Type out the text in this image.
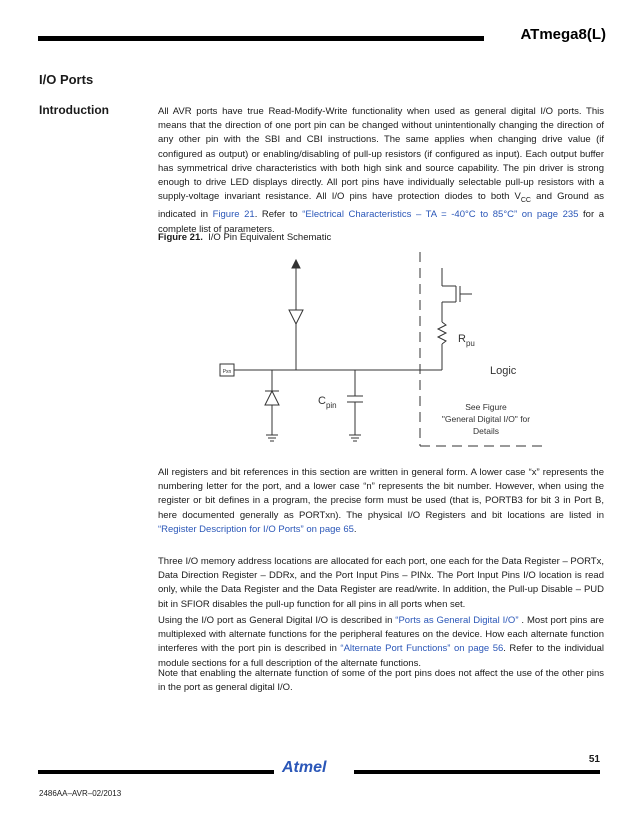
ATmega8(L)
I/O Ports
Introduction	All AVR ports have true Read-Modify-Write functionality when used as general digital I/O ports. This means that the direction of one port pin can be changed without unintentionally changing the direction of any other pin with the SBI and CBI instructions. The same applies when changing drive value (if configured as output) or enabling/disabling of pull-up resistors (if configured as input). Each output buffer has symmetrical drive characteristics with both high sink and source capability. The pin driver is strong enough to drive LED displays directly. All port pins have individually selectable pull-up resistors with a supply-voltage invariant resistance. All I/O pins have protection diodes to both $V_{CC}$ and Ground as indicated in Figure 21. Refer to “Electrical Characteristics – TA = -40°C to 85°C” on page 235 for a complete list of parameters.

Figure 21. I/O Pin Equivalent Schematic
Pxn
$R_{pu}$
Logic
$C_{pin}$	See Figure
"General Digital I/O" for
Details

All registers and bit references in this section are written in general form. A lower case “x” represents the numbering letter for the port, and a lower case “n” represents the bit number. However, when using the register or bit defines in a program, the precise form must be used (that is, PORTB3 for bit 3 in Port B, here documented generally as PORTxn). The physical I/O Registers and bit locations are listed in “Register Description for I/O Ports” on page 65.

Three I/O memory address locations are allocated for each port, one each for the Data Register – PORTx, Data Direction Register – DDRx, and the Port Input Pins – PINx. The Port Input Pins I/O location is read only, while the Data Register and the Data Register are read/write. In addition, the Pull-up Disable – PUD bit in SFIOR disables the pull-up function for all pins in all ports when set.

Using the I/O port as General Digital I/O is described in “Ports as General Digital I/O” . Most port pins are multiplexed with alternate functions for the peripheral features on the device. How each alternate function interferes with the port pin is described in “Alternate Port Functions” on page 56. Refer to the individual module sections for a full description of the alternate functions.

Note that enabling the alternate function of some of the port pins does not affect the use of the other pins in the port as general digital I/O.

Atmel	51
2486AA–AVR–02/2013
